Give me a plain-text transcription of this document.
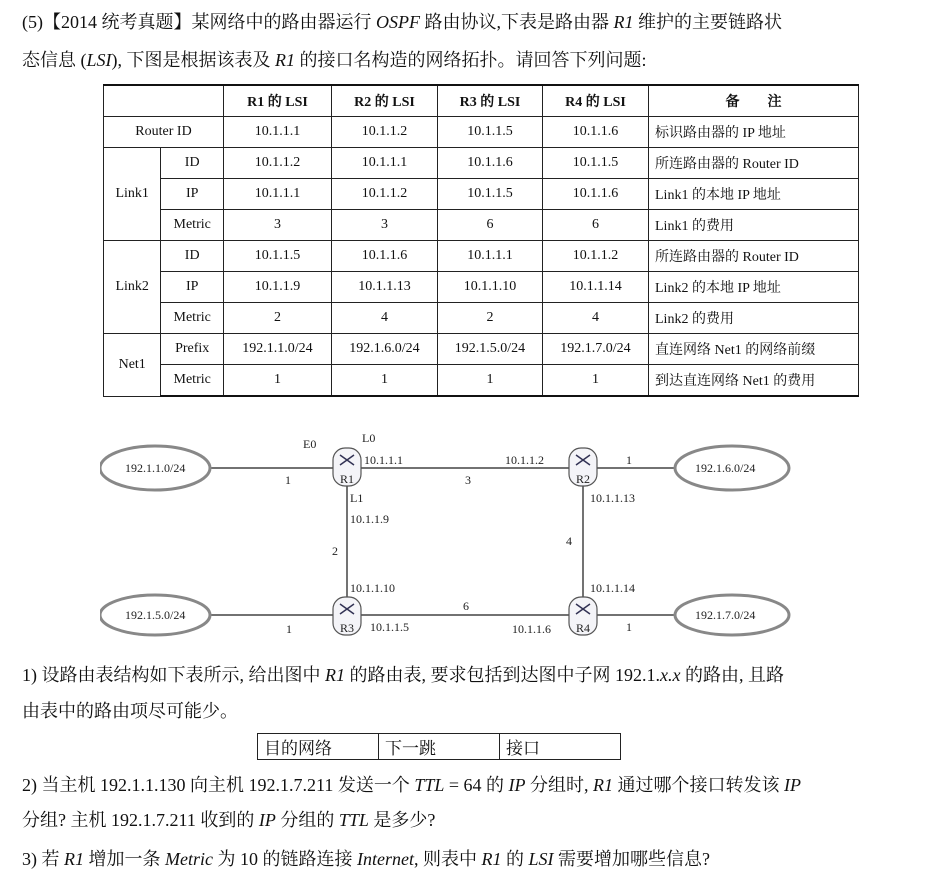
(5)【2014 统考真题】某网络中的路由器运行 OSPF 路由协议,下表是路由器 R1 维护的主要链路状
态信息 (LSI), 下图是根据该表及 R1 的接口名构造的网络拓扑。请回答下列问题:
		R1 的 LSI	R2 的 LSI	R3 的 LSI	R4 的 LSI	备　　注
Router ID		10.1.1.1	10.1.1.2	10.1.1.5	10.1.1.6	标识路由器的 IP 地址
Link1	ID	10.1.1.2	10.1.1.1	10.1.1.6	10.1.1.5	所连路由器的 Router ID
	IP	10.1.1.1	10.1.1.2	10.1.1.5	10.1.1.6	Link1 的本地 IP 地址
	Metric	3	3	6	6	Link1 的费用
Link2	ID	10.1.1.5	10.1.1.6	10.1.1.1	10.1.1.2	所连路由器的 Router ID
	IP	10.1.1.9	10.1.1.13	10.1.1.10	10.1.1.14	Link2 的本地 IP 地址
	Metric	2	4	2	4	Link2 的费用
Net1	Prefix	192.1.1.0/24	192.1.6.0/24	192.1.5.0/24	192.1.7.0/24	直连网络 Net1 的网络前缀
	Metric	1	1	1	1	到达直连网络 Net1 的费用
192.1.1.0/24	192.1.6.0/24
192.1.5.0/24	192.1.7.0/24
R1	R2
R3	R4
E0	L0
L1
10.1.1.1	10.1.1.2
10.1.1.13
10.1.1.9
10.1.1.10	10.1.1.14
10.1.1.5	10.1.1.6
1	3
1
2
4
6
1	1
1) 设路由表结构如下表所示, 给出图中 R1 的路由表, 要求包括到达图中子网 192.1.x.x 的路由, 且路
由表中的路由项尽可能少。
目的网络	下一跳	接口
2) 当主机 192.1.1.130 向主机 192.1.7.211 发送一个 TTL = 64 的 IP 分组时, R1 通过哪个接口转发该 IP
分组? 主机 192.1.7.211 收到的 IP 分组的 TTL 是多少?
3) 若 R1 增加一条 Metric 为 10 的链路连接 Internet, 则表中 R1 的 LSI 需要增加哪些信息?
